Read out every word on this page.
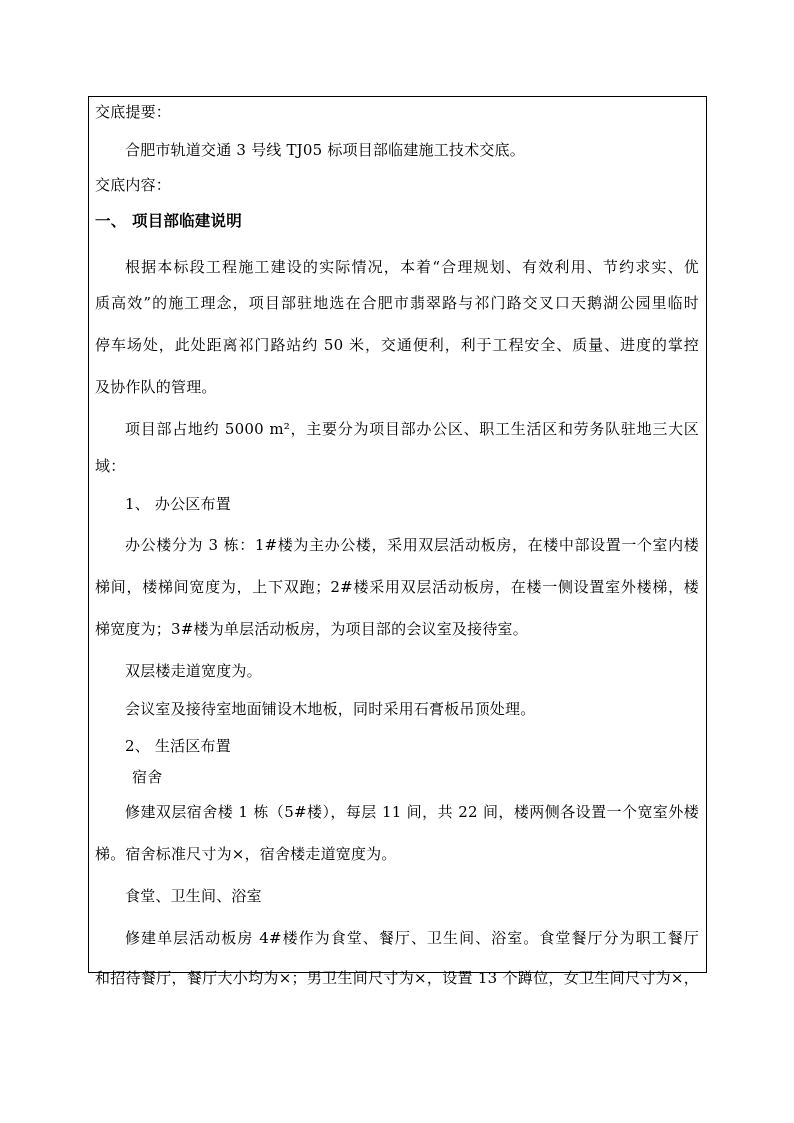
交底提要：
合肥市轨道交通 3 号线 TJ05 标项目部临建施工技术交底。
交底内容：
一、 项目部临建说明
根据本标段工程施工建设的实际情况，本着“合理规划、有效利用、节约求实、优
质高效”的施工理念，项目部驻地选在合肥市翡翠路与祁门路交叉口天鹅湖公园里临时
停车场处，此处距离祁门路站约 50 米，交通便利，利于工程安全、质量、进度的掌控
及协作队的管理。
项目部占地约 5000 m²，主要分为项目部办公区、职工生活区和劳务队驻地三大区
域：
1、 办公区布置
办公楼分为 3 栋：1#楼为主办公楼，采用双层活动板房，在楼中部设置一个室内楼
梯间，楼梯间宽度为，上下双跑；2#楼采用双层活动板房，在楼一侧设置室外楼梯，楼
梯宽度为；3#楼为单层活动板房，为项目部的会议室及接待室。
双层楼走道宽度为。
会议室及接待室地面铺设木地板，同时采用石膏板吊顶处理。
2、 生活区布置
宿舍
修建双层宿舍楼 1 栋（5#楼），每层 11 间，共 22 间，楼两侧各设置一个宽室外楼
梯。宿舍标准尺寸为×，宿舍楼走道宽度为。
食堂、卫生间、浴室
修建单层活动板房 4#楼作为食堂、餐厅、卫生间、浴室。食堂餐厅分为职工餐厅
和招待餐厅，餐厅大小均为×；男卫生间尺寸为×，设置 13 个蹲位，女卫生间尺寸为×，
